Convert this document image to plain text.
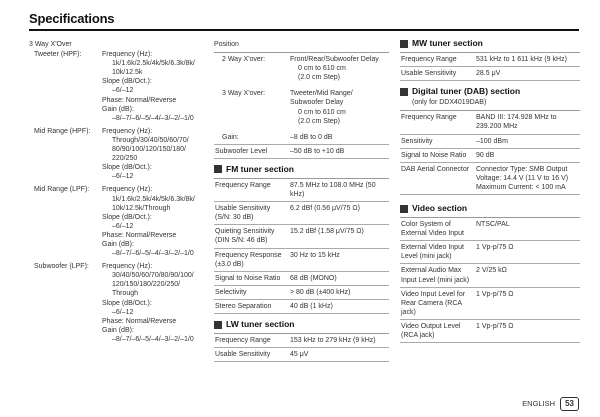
Specifications
3 Way X'Over
Tweeter (HPF):	Frequency (Hz):
1k/1.6k/2.5k/4k/5k/6.3k/8k/
10k/12.5k
Slope (dB/Oct.):
–6/–12
Phase: Normal/Reverse
Gain (dB):
–8/–7/–6/–5/–4/–3/–2/–1/0
Mid Range (HPF):	Frequency (Hz):
Through/30/40/50/60/70/
80/90/100/120/150/180/
220/250
Slope (dB/Oct.):
–6/–12
Mid Range (LPF):	Frequency (Hz):
1k/1.6k/2.5k/4k/5k/6.3k/8k/
10k/12.5k/Through
Slope (dB/Oct.):
–6/–12
Phase: Normal/Reverse
Gain (dB):
–8/–7/–6/–5/–4/–3/–2/–1/0
Subwoofer (LPF):	Frequency (Hz):
30/40/50/60/70/80/90/100/
120/150/180/220/250/
Through
Slope (dB/Oct.):
–6/–12
Phase: Normal/Reverse
Gain (dB):
–8/–7/–6/–5/–4/–3/–2/–1/0
Position
2 Way X'over:	Front/Rear/Subwoofer Delay
0 cm to 610 cm
(2.0 cm Step)
3 Way X'over:	Tweeter/Mid Range/
Subwoofer Delay
0 cm to 610 cm
(2.0 cm Step)
Gain:	–8 dB to 0 dB
Subwoofer Level	–50 dB to +10 dB
FM tuner section
Frequency Range	87.5 MHz to 108.0 MHz (50 kHz)
Usable Sensitivity (S/N: 30 dB)	6.2 dBf (0.56 μV/75 Ω)
Quieting Sensitivity (DIN S/N: 46 dB)	15.2 dBf (1.58 μV/75 Ω)
Frequency Response (±3.0 dB)	30 Hz to 15 kHz
Signal to Noise Ratio	68 dB (MONO)
Selectivity	> 80 dB (±400 kHz)
Stereo Separation	40 dB (1 kHz)
LW tuner section
Frequency Range	153 kHz to 279 kHz (9 kHz)
Usable Sensitivity	45 μV
MW tuner section
Frequency Range	531 kHz to 1 611 kHz (9 kHz)
Usable Sensitivity	28.5 μV
Digital tuner (DAB) section
(only for DDX4019DAB)
Frequency Range	BAND III: 174.928 MHz to 239.200 MHz
Sensitivity	–100 dBm
Signal to Noise Ratio	90 dB
DAB Aerial Connector	Connector Type: SMB Output Voltage: 14.4 V (11 V to 16 V) Maximum Current: < 100 mA
Video section
Color System of External Video Input	NTSC/PAL
External Video Input Level (mini jack)	1 Vp-p/75 Ω
External Audio Max Input Level (mini jack)	2 V/25 kΩ
Video Input Level for Rear Camera (RCA jack)	1 Vp-p/75 Ω
Video Output Level (RCA jack)	1 Vp-p/75 Ω
ENGLISH	53
